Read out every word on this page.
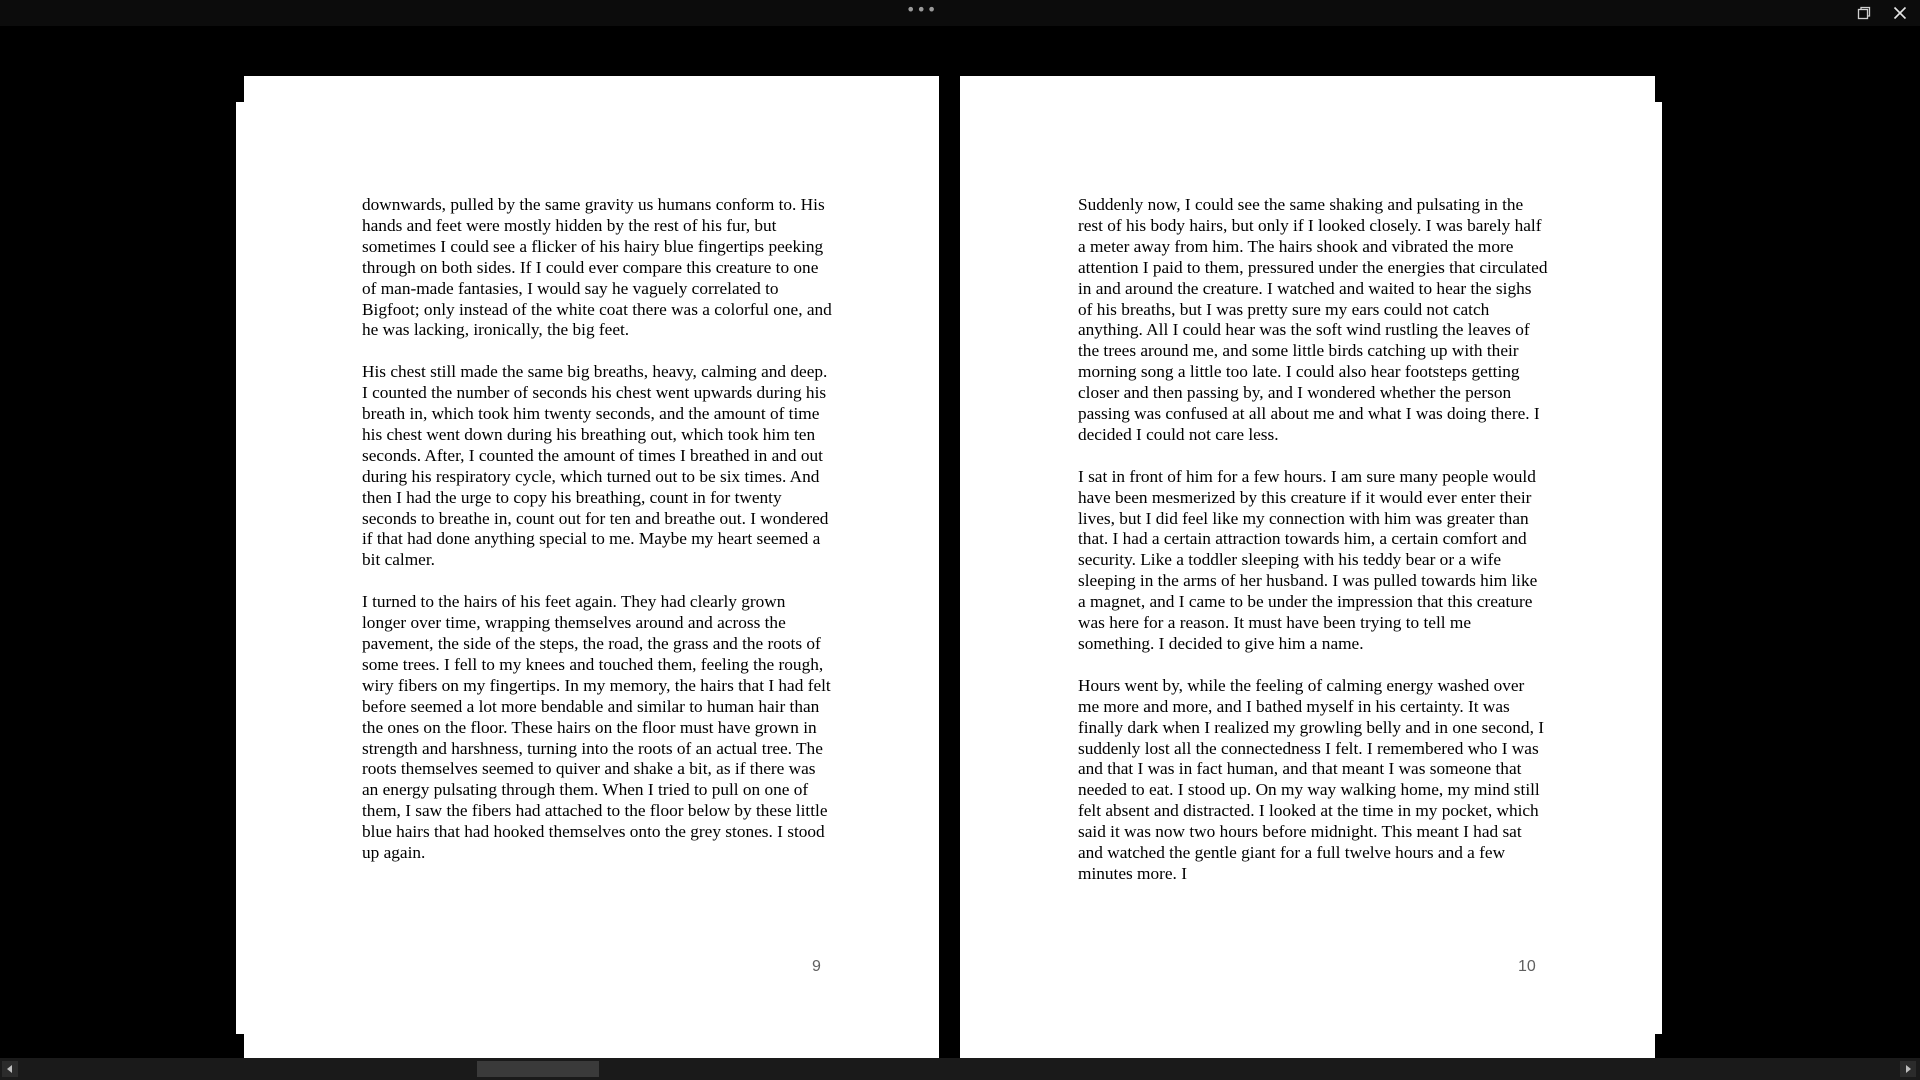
•••

downwards, pulled by the same gravity us humans conform to. His hands and feet were mostly hidden by the rest of his fur, but sometimes I could see a flicker of his hairy blue fingertips peeking through on both sides. If I could ever compare this creature to one of man-made fantasies, I would say he vaguely correlated to Bigfoot; only instead of the white coat there was a colorful one, and he was lacking, ironically, the big feet.

His chest still made the same big breaths, heavy, calming and deep. I counted the number of seconds his chest went upwards during his breath in, which took him twenty seconds, and the amount of time his chest went down during his breathing out, which took him ten seconds. After, I counted the amount of times I breathed in and out during his respiratory cycle, which turned out to be six times. And then I had the urge to copy his breathing, count in for twenty seconds to breathe in, count out for ten and breathe out. I wondered if that had done anything special to me. Maybe my heart seemed a bit calmer.

I turned to the hairs of his feet again. They had clearly grown longer over time, wrapping themselves around and across the pavement, the side of the steps, the road, the grass and the roots of some trees. I fell to my knees and touched them, feeling the rough, wiry fibers on my fingertips. In my memory, the hairs that I had felt before seemed a lot more bendable and similar to human hair than the ones on the floor. These hairs on the floor must have grown in strength and harshness, turning into the roots of an actual tree. The roots themselves seemed to quiver and shake a bit, as if there was an energy pulsating through them. When I tried to pull on one of them, I saw the fibers had attached to the floor below by these little blue hairs that had hooked themselves onto the grey stones. I stood up again.

9

Suddenly now, I could see the same shaking and pulsating in the rest of his body hairs, but only if I looked closely. I was barely half a meter away from him. The hairs shook and vibrated the more attention I paid to them, pressured under the energies that circulated in and around the creature. I watched and waited to hear the sighs of his breaths, but I was pretty sure my ears could not catch anything. All I could hear was the soft wind rustling the leaves of the trees around me, and some little birds catching up with their morning song a little too late. I could also hear footsteps getting closer and then passing by, and I wondered whether the person passing was confused at all about me and what I was doing there. I decided I could not care less.

I sat in front of him for a few hours. I am sure many people would have been mesmerized by this creature if it would ever enter their lives, but I did feel like my connection with him was greater than that. I had a certain attraction towards him, a certain comfort and security. Like a toddler sleeping with his teddy bear or a wife sleeping in the arms of her husband. I was pulled towards him like a magnet, and I came to be under the impression that this creature was here for a reason. It must have been trying to tell me something. I decided to give him a name.

Hours went by, while the feeling of calming energy washed over me more and more, and I bathed myself in his certainty. It was finally dark when I realized my growling belly and in one second, I suddenly lost all the connectedness I felt. I remembered who I was and that I was in fact human, and that meant I was someone that needed to eat. I stood up. On my way walking home, my mind still felt absent and distracted. I looked at the time in my pocket, which said it was now two hours before midnight. This meant I had sat and watched the gentle giant for a full twelve hours and a few minutes more. I

10
